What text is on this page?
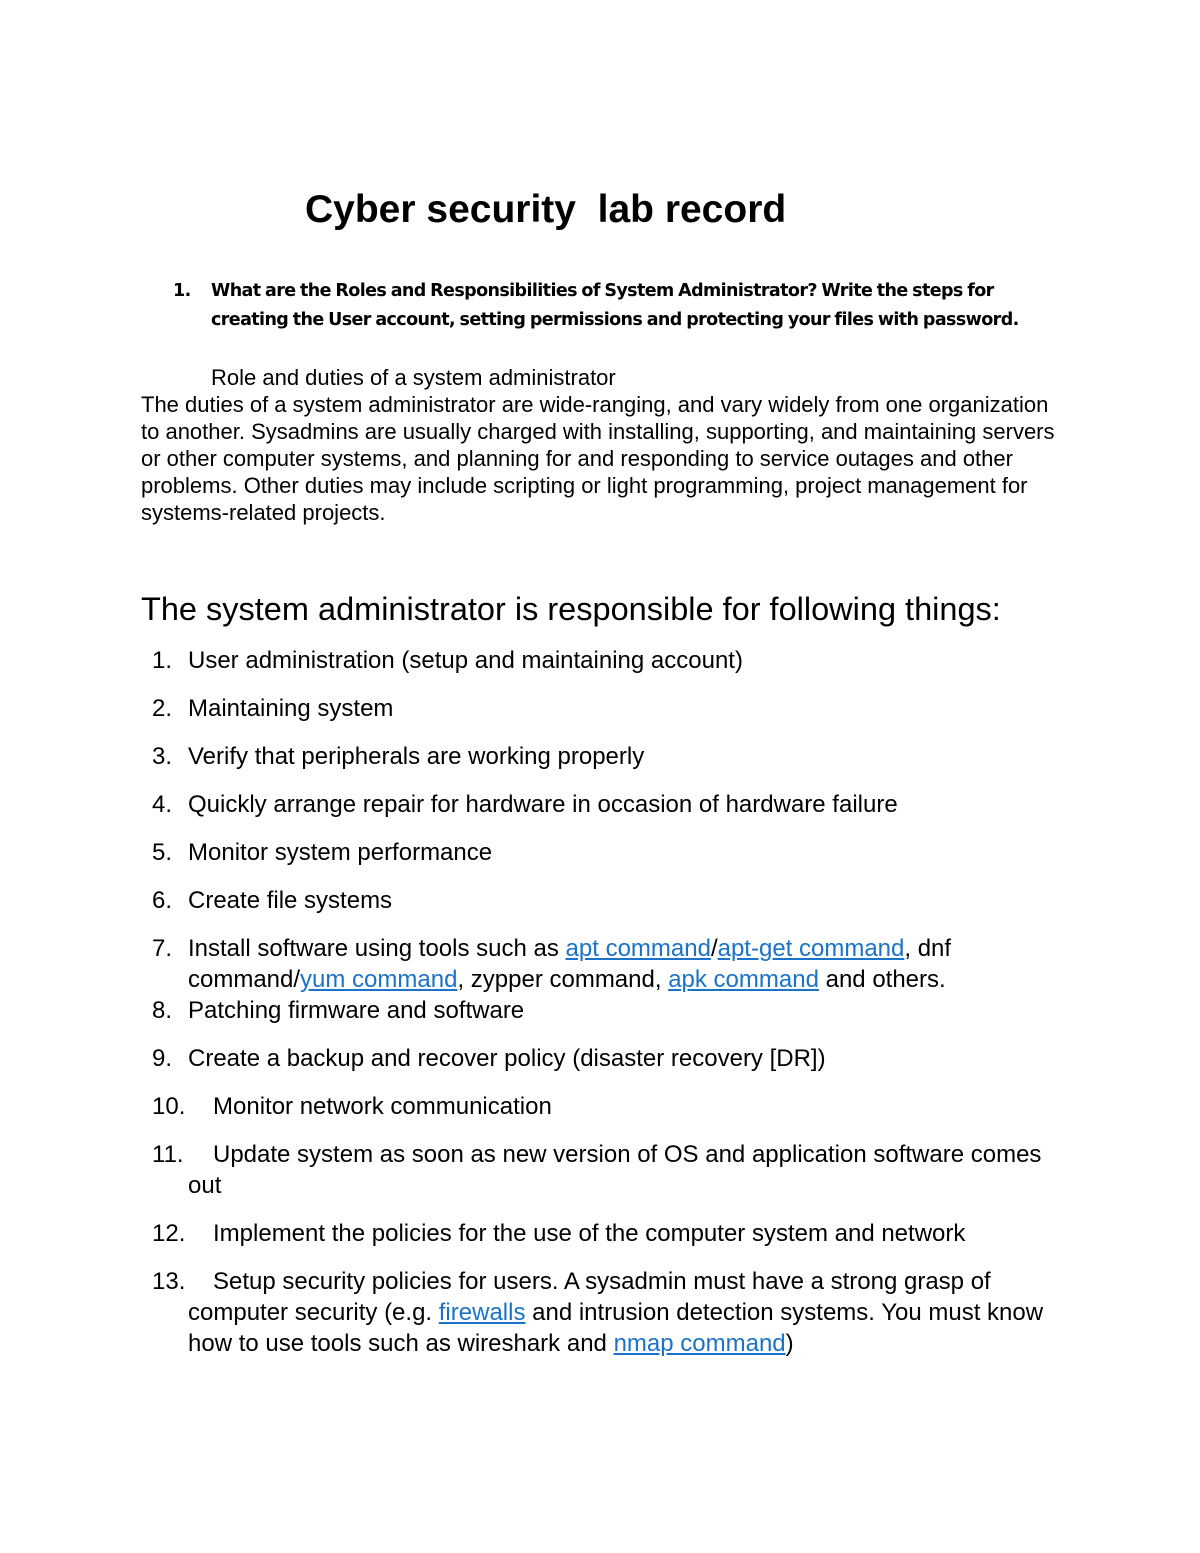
Cyber security  lab record
1. What are the Roles and Responsibilities of System Administrator? Write the steps for creating the User account, setting permissions and protecting your files with password.
Role and duties of a system administrator

The duties of a system administrator are wide-ranging, and vary widely from one organization to another. Sysadmins are usually charged with installing, supporting, and maintaining servers or other computer systems, and planning for and responding to service outages and other problems. Other duties may include scripting or light programming, project management for systems-related projects.

The system administrator is responsible for following things:
1. User administration (setup and maintaining account)
2. Maintaining system
3. Verify that peripherals are working properly
4. Quickly arrange repair for hardware in occasion of hardware failure
5. Monitor system performance
6. Create file systems
7. Install software using tools such as apt command/apt-get command, dnf command/yum command, zypper command, apk command and others.
8. Patching firmware and software
9. Create a backup and recover policy (disaster recovery [DR])
10.	Monitor network communication
11.	Update system as soon as new version of OS and application software comes out
12.	Implement the policies for the use of the computer system and network
13.	Setup security policies for users. A sysadmin must have a strong grasp of computer security (e.g. firewalls and intrusion detection systems. You must know how to use tools such as wireshark and nmap command)
